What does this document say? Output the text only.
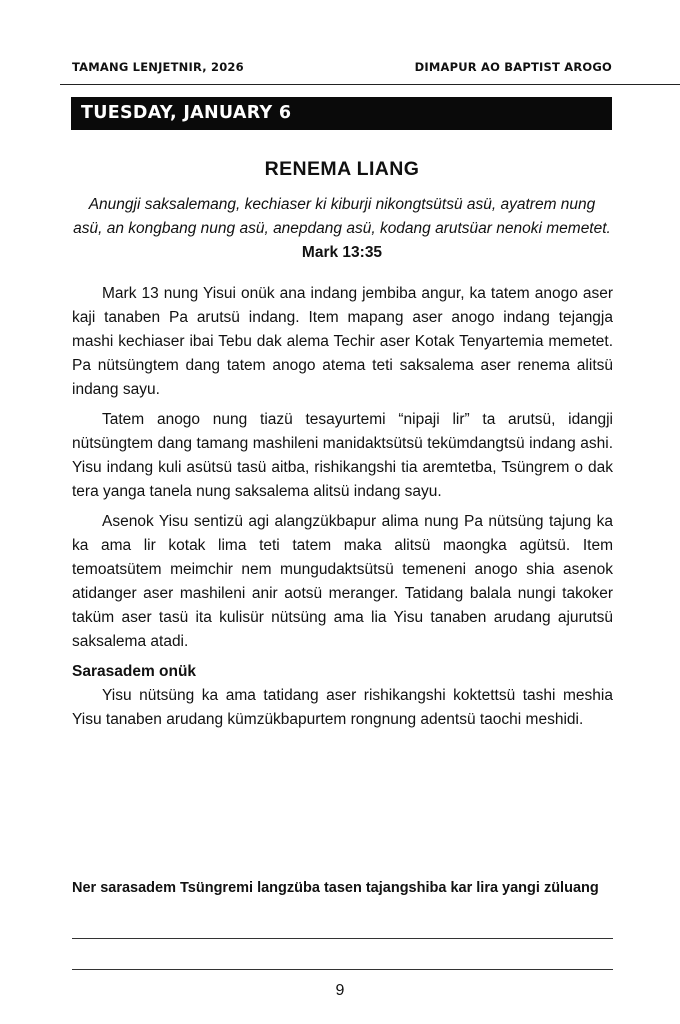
TAMANG LENJETNIR, 2026	DIMAPUR AO BAPTIST AROGO
TUESDAY, JANUARY 6
RENEMA LIANG
Anungji saksalemang, kechiaser ki kiburji nikongtsütsü asü, ayatrem nung asü, an kongbang nung asü, anepdang asü, kodang arutsüar nenoki memetet. Mark 13:35

Mark 13 nung Yisui onük ana indang jembiba angur, ka tatem anogo aser kaji tanaben Pa arutsü indang. Item mapang aser anogo indang tejangja mashi kechiaser ibai Tebu dak alema Techir aser Kotak Tenyartemia memetet. Pa nütsüngtem dang tatem anogo atema teti saksalema aser renema alitsü indang sayu.

Tatem anogo nung tiazü tesayurtemi “nipaji lir” ta arutsü, idangji nütsüngtem dang tamang mashileni manidaktsütsü tekümdangtsü indang ashi. Yisu indang kuli asütsü tasü aitba, rishikangshi tia aremtetba, Tsüngrem o dak tera yanga tanela nung saksalema alitsü indang sayu.

Asenok Yisu sentizü agi alangzükbapur alima nung Pa nütsüng tajung ka ka ama lir kotak lima teti tatem maka alitsü maongka agütsü. Item temoatsütem meimchir nem mungudaktsütsü temeneni anogo shia asenok atidanger aser mashileni anir aotsü meranger. Tatidang balala nungi takoker taküm aser tasü ita kulisür nütsüng ama lia Yisu tanaben arudang ajurutsü saksalema atadi.

Sarasadem onük

Yisu nütsüng ka ama tatidang aser rishikangshi koktettsü tashi meshia Yisu tanaben arudang kümzükbapurtem rongnung adentsü taochi meshidi.

Ner sarasadem Tsüngremi langzüba tasen tajangshiba kar lira yangi züluang
9
